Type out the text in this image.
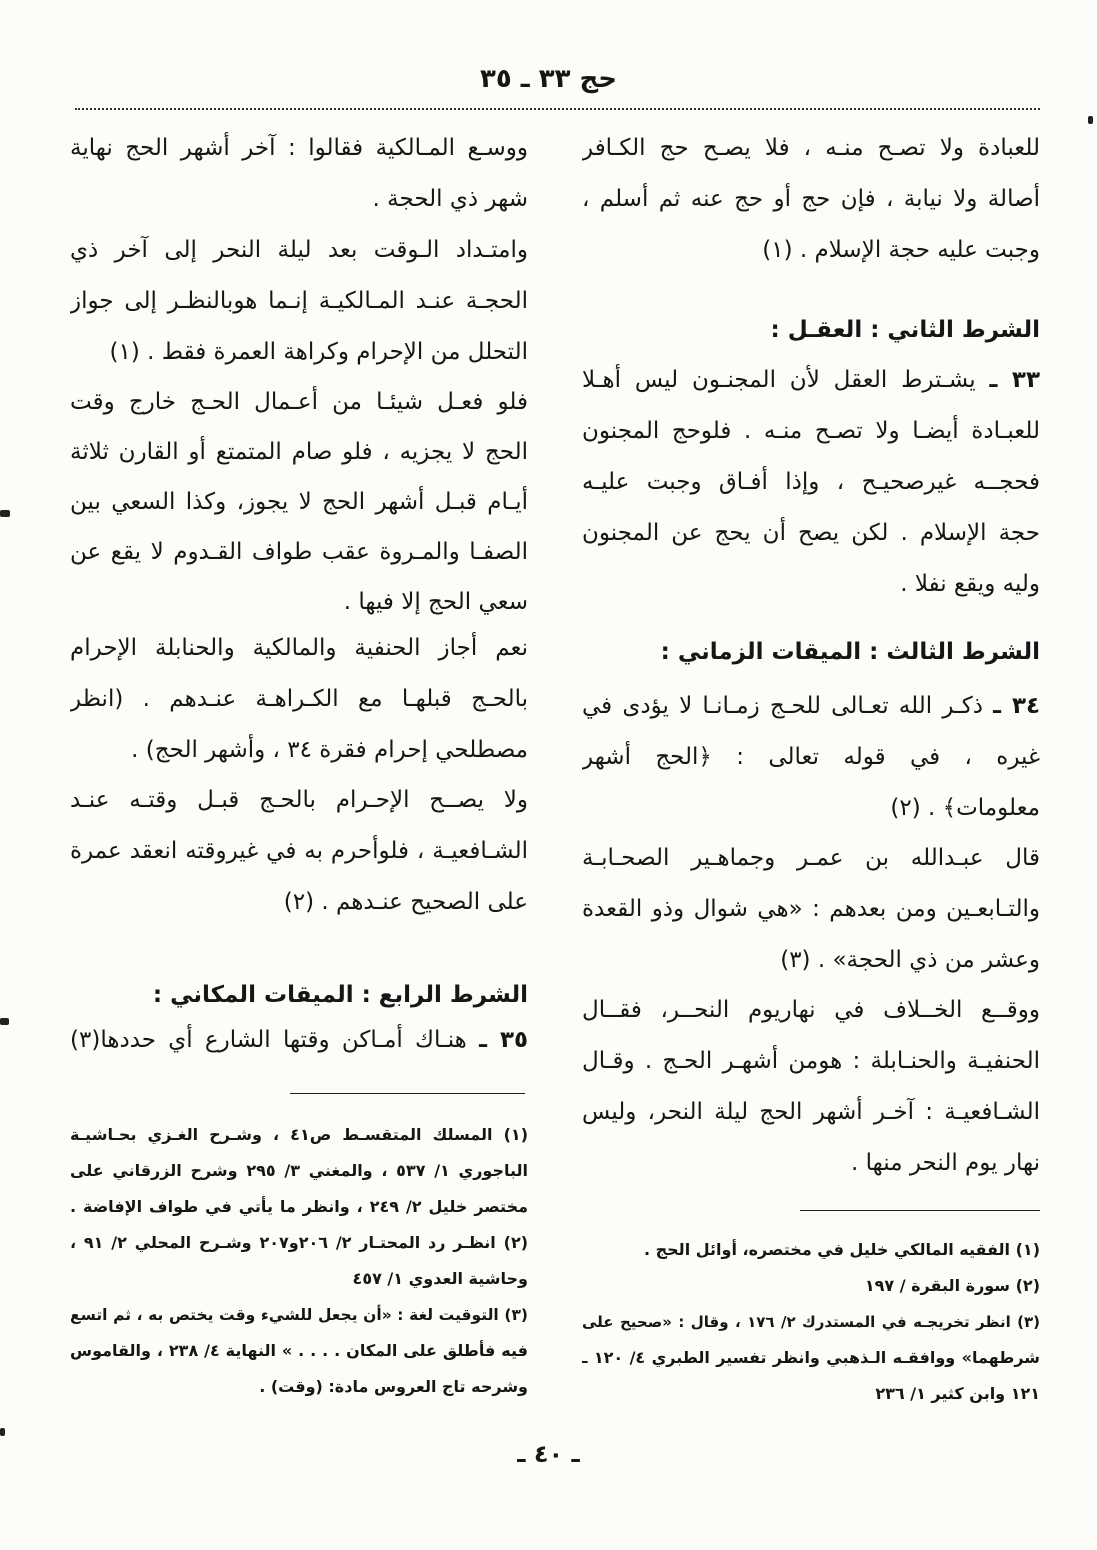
حج ٣٣ ـ ٣٥
للعبادة ولا تصـح منـه ، فلا يصـح حج الكـافر
أصالة ولا نيابة ، فإن حج أو حج عنه ثم أسلم ،
وجبت عليه حجة الإسلام . (١)
الشرط الثاني : العقـل :
٣٣ ـ يشـترط العقل لأن المجنـون ليس أهـلا
للعبـادة أيضـا ولا تصـح منـه . فلوحج المجنون
فحجــه غيرصحيـح ، وإذا أفـاق وجبت عليـه
حجة الإسلام . لكن يصح أن يحج عن المجنون
وليه ويقع نفلا .
الشرط الثالث : الميقات الزماني :
٣٤ ـ ذكـر الله تعـالى للحـج زمـانـا لا يؤدى في
غيره ، في قوله تعالى : ﴿الحج أشهر
معلومات﴾ . (٢)
قال عبـدالله بن عمـر وجماهـير الصحـابـة
والتـابعـين ومن بعدهم : «هي شوال وذو القعدة
وعشر من ذي الحجة» . (٣)
ووقــع الخــلاف في نهاريوم النحــر، فقــال
الحنفيـة والحنـابلة : هومن أشهـر الحـج . وقـال
الشـافعيـة : آخـر أشهر الحج ليلة النحر، وليس
نهار يوم النحر منها .
(١) الفقيه المالكي خليل في مختصره، أوائل الحج .
(٢) سورة البقرة / ١٩٧
(٣) انظر تخريجـه في المستدرك ٢/ ١٧٦ ، وقال : «صحيح على
شرطهما» ووافقـه الـذهبي وانظر تفسير الطبري ٤/ ١٢٠ ـ
١٢١ وابن كثير ١/ ٢٣٦
ووسـع المـالكية فقالوا : آخر أشهر الحج نهاية
شهر ذي الحجة .
وامتـداد الـوقت بعد ليلة النحر إلى آخر ذي
الحجـة عنـد المـالكيـة إنـما هوبالنظـر إلى جواز
التحلل من الإحرام وكراهة العمرة فقط . (١)
فلو فعـل شيئـا من أعـمال الحـج خارج وقت
الحج لا يجزيه ، فلو صام المتمتع أو القارن ثلاثة
أيـام قبـل أشهر الحج لا يجوز، وكذا السعي بين
الصفـا والمـروة عقب طواف القـدوم لا يقع عن
سعي الحج إلا فيها .
نعم أجاز الحنفية والمالكية والحنابلة الإحرام
بالحـج قبلهـا مع الكـراهـة عنـدهم . (انظر
مصطلحي إحرام فقرة ٣٤ ، وأشهر الحج) .
ولا يصــح الإحـرام بالحـج قبـل وقتـه عنـد
الشـافعيـة ، فلوأحرم به في غيروقته انعقد عمرة
على الصحيح عنـدهم . (٢)
الشرط الرابع : الميقات المكاني :
٣٥ ـ هنـاك أمـاكن وقتها الشارع أي حددها(٣)
(١) المسلك المتقسـط ص٤١ ، وشـرح الغـزي بحـاشيـة
الباجوري ١/ ٥٣٧ ، والمغني ٣/ ٢٩٥ وشرح الزرقاني على
مختصر خليل ٢/ ٢٤٩ ، وانظر ما يأتي في طواف الإفاضة .
(٢) انظـر رد المحتـار ٢/ ٢٠٦و٢٠٧ وشـرح المحلي ٢/ ٩١ ،
وحاشية العدوي ١/ ٤٥٧
(٣) التوقيت لغة : «أن يجعل للشيء وقت يختص به ، ثم اتسع
فيه فأطلق على المكان . . . . » النهاية ٤/ ٢٣٨ ، والقاموس
وشرحه تاج العروس مادة: (وقت) .
ـ ٤٠ ـ
